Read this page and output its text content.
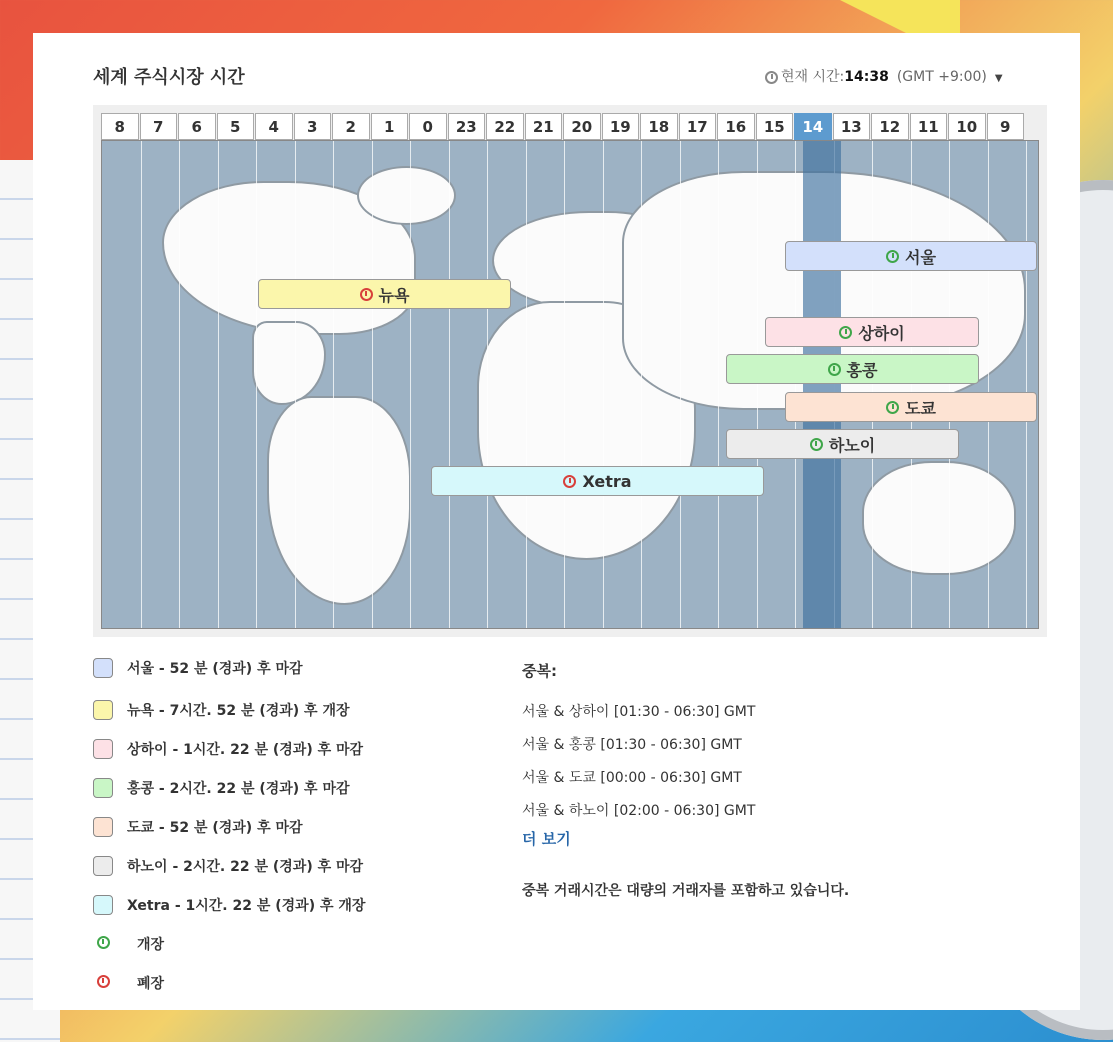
세계 주식시장 시간	현재 시간:14:38 (GMT +9:00) ▼
8	7	6	5	4	3	2	1	0	23	22	21	20	19	18	17	16	15	14	13	12	11	10	9
서울
뉴욕
상하이
홍콩
도쿄
하노이
Xetra
서울 - 52 분 (경과) 후 마감
뉴욕 - 7시간. 52 분 (경과) 후 개장
상하이 - 1시간. 22 분 (경과) 후 마감
홍콩 - 2시간. 22 분 (경과) 후 마감
도쿄 - 52 분 (경과) 후 마감
하노이 - 2시간. 22 분 (경과) 후 마감
Xetra - 1시간. 22 분 (경과) 후 개장
개장
폐장
중복:
서울 & 상하이 [01:30 - 06:30] GMT
서울 & 홍콩 [01:30 - 06:30] GMT
서울 & 도쿄 [00:00 - 06:30] GMT
서울 & 하노이 [02:00 - 06:30] GMT
더 보기
중복 거래시간은 대량의 거래자를 포함하고 있습니다.
